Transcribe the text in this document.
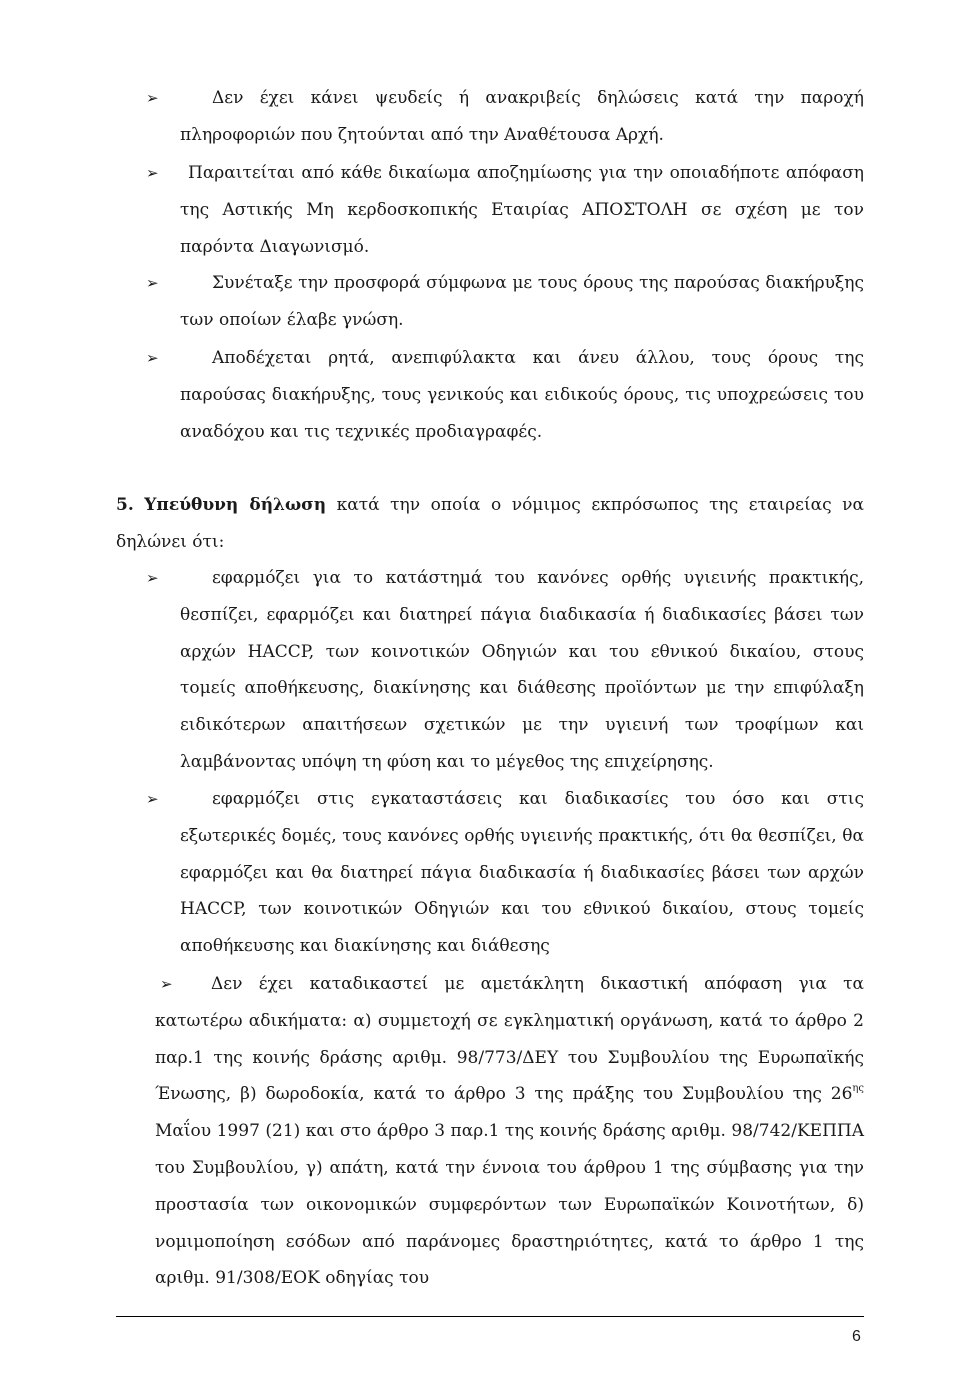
➢	Δεν έχει κάνει ψευδείς ή ανακριβείς δηλώσεις κατά την παροχή πληροφοριών που ζητούνται από την Αναθέτουσα Αρχή.

➢	Παραιτείται από κάθε δικαίωμα αποζημίωσης για την οποιαδήποτε απόφαση της Αστικής Μη κερδοσκοπικής Εταιρίας ΑΠΟΣΤΟΛΗ σε σχέση με τον παρόντα Διαγωνισμό.

➢	Συνέταξε την προσφορά σύμφωνα με τους όρους της παρούσας διακήρυξης των οποίων έλαβε γνώση.

➢	Αποδέχεται ρητά, ανεπιφύλακτα και άνευ άλλου, τους όρους της παρούσας διακήρυξης, τους γενικούς και ειδικούς όρους, τις υποχρεώσεις του αναδόχου και τις τεχνικές προδιαγραφές.

5. Υπεύθυνη δήλωση κατά την οποία ο νόμιμος εκπρόσωπος της εταιρείας να δηλώνει ότι:

➢	εφαρμόζει για το κατάστημά του κανόνες ορθής υγιεινής πρακτικής, θεσπίζει, εφαρμόζει και διατηρεί πάγια διαδικασία ή διαδικασίες βάσει των αρχών HACCP, των κοινοτικών Οδηγιών και του εθνικού δικαίου, στους τομείς αποθήκευσης, διακίνησης και διάθεσης προϊόντων με την επιφύλαξη ειδικότερων απαιτήσεων σχετικών με την υγιεινή των τροφίμων και λαμβάνοντας υπόψη τη φύση και το μέγεθος της επιχείρησης.

➢	εφαρμόζει στις εγκαταστάσεις και διαδικασίες του όσο και στις εξωτερικές δομές, τους κανόνες ορθής υγιεινής πρακτικής, ότι θα θεσπίζει, θα εφαρμόζει και θα διατηρεί πάγια διαδικασία ή διαδικασίες βάσει των αρχών HACCP, των κοινοτικών Οδηγιών και του εθνικού δικαίου, στους τομείς αποθήκευσης και διακίνησης και διάθεσης

➢	Δεν έχει καταδικαστεί με αμετάκλητη δικαστική απόφαση για τα κατωτέρω αδικήματα: α) συμμετοχή σε εγκληματική οργάνωση, κατά το άρθρο 2 παρ.1 της κοινής δράσης αριθμ. 98/773/ΔΕΥ του Συμβουλίου της Ευρωπαϊκής Ένωσης, β) δωροδοκία, κατά το άρθρο 3 της πράξης του Συμβουλίου της $26^{\eta\varsigma}$ Μαΐου 1997 (21) και στο άρθρο 3 παρ.1 της κοινής δράσης αριθμ. 98/742/ΚΕΠΠΑ του Συμβουλίου, γ) απάτη, κατά την έννοια του άρθρου 1 της σύμβασης για την προστασία των οικονομικών συμφερόντων των Ευρωπαϊκών Κοινοτήτων, δ) νομιμοποίηση εσόδων από παράνομες δραστηριότητες, κατά το άρθρο 1 της αριθμ. 91/308/ΕΟΚ οδηγίας του

6
